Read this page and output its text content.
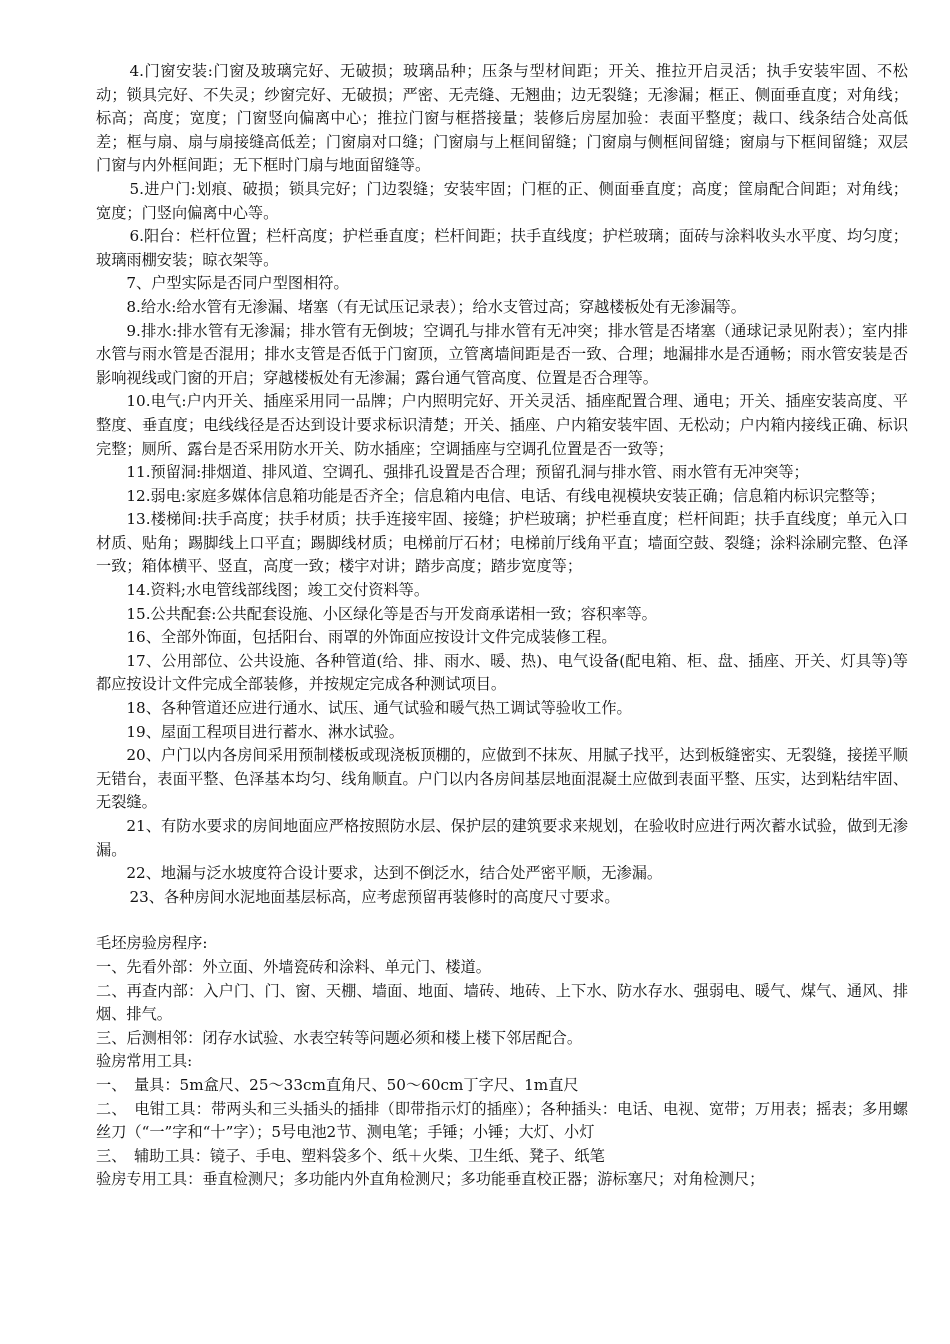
4.门窗安装:门窗及玻璃完好、无破损；玻璃品种；压条与型材间距；开关、推拉开启灵活；执手安装牢固、不松动；锁具完好、不失灵；纱窗完好、无破损；严密、无壳缝、无翘曲；边无裂缝；无渗漏；框正、侧面垂直度；对角线；标高；高度；宽度；门窗竖向偏离中心；推拉门窗与框搭接量；装修后房屋加验：表面平整度；裁口、线条结合处高低差；框与扇、扇与扇接缝高低差；门窗扇对口缝；门窗扇与上框间留缝；门窗扇与侧框间留缝；窗扇与下框间留缝；双层门窗与内外框间距；无下框时门扇与地面留缝等。

5.进户门:划痕、破损；锁具完好；门边裂缝；安装牢固；门框的正、侧面垂直度；高度；筐扇配合间距；对角线；宽度；门竖向偏离中心等。

6.阳台：栏杆位置；栏杆高度；护栏垂直度；栏杆间距；扶手直线度；护栏玻璃；面砖与涂料收头水平度、均匀度；玻璃雨棚安装；晾衣架等。

7、户型实际是否同户型图相符。

8.给水:给水管有无渗漏、堵塞（有无试压记录表）；给水支管过高；穿越楼板处有无渗漏等。

9.排水:排水管有无渗漏；排水管有无倒坡；空调孔与排水管有无冲突；排水管是否堵塞（通球记录见附表）；室内排水管与雨水管是否混用；排水支管是否低于门窗顶，立管离墙间距是否一致、合理；地漏排水是否通畅；雨水管安装是否影响视线或门窗的开启；穿越楼板处有无渗漏；露台通气管高度、位置是否合理等。

10.电气:户内开关、插座采用同一品牌；户内照明完好、开关灵活、插座配置合理、通电；开关、插座安装高度、平整度、垂直度；电线线径是否达到设计要求标识清楚；开关、插座、户内箱安装牢固、无松动；户内箱内接线正确、标识完整；厕所、露台是否采用防水开关、防水插座；空调插座与空调孔位置是否一致等；

11.预留洞:排烟道、排风道、空调孔、强排孔设置是否合理；预留孔洞与排水管、雨水管有无冲突等；

12.弱电:家庭多媒体信息箱功能是否齐全；信息箱内电信、电话、有线电视模块安装正确；信息箱内标识完整等；

13.楼梯间:扶手高度；扶手材质；扶手连接牢固、接缝；护栏玻璃；护栏垂直度；栏杆间距；扶手直线度；单元入口材质、贴角；踢脚线上口平直；踢脚线材质；电梯前厅石材；电梯前厅线角平直；墙面空鼓、裂缝；涂料涂刷完整、色泽一致；箱体横平、竖直，高度一致；楼宇对讲；踏步高度；踏步宽度等；

14.资料;水电管线部线图；竣工交付资料等。

15.公共配套:公共配套设施、小区绿化等是否与开发商承诺相一致；容积率等。

16、全部外饰面，包括阳台、雨罩的外饰面应按设计文件完成装修工程。

17、公用部位、公共设施、各种管道(给、排、雨水、暖、热)、电气设备(配电箱、柜、盘、插座、开关、灯具等)等都应按设计文件完成全部装修，并按规定完成各种测试项目。

18、各种管道还应进行通水、试压、通气试验和暖气热工调试等验收工作。

19、屋面工程项目进行蓄水、淋水试验。

20、户门以内各房间采用预制楼板或现浇板顶棚的，应做到不抹灰、用腻子找平，达到板缝密实、无裂缝，接搓平顺无错台，表面平整、色泽基本均匀、线角顺直。户门以内各房间基层地面混凝土应做到表面平整、压实，达到粘结牢固、无裂缝。

21、有防水要求的房间地面应严格按照防水层、保护层的建筑要求来规划，在验收时应进行两次蓄水试验，做到无渗漏。

22、地漏与泛水坡度符合设计要求，达到不倒泛水，结合处严密平顺，无渗漏。

23、各种房间水泥地面基层标高，应考虑预留再装修时的高度尺寸要求。

毛坯房验房程序:

一、先看外部：外立面、外墙瓷砖和涂料、单元门、楼道。

二、再查内部：入户门、门、窗、天棚、墙面、地面、墙砖、地砖、上下水、防水存水、强弱电、暖气、煤气、通风、排烟、排气。

三、后测相邻：闭存水试验、水表空转等问题必须和楼上楼下邻居配合。

验房常用工具:

一、　量具：5m盒尺、25～33cm直角尺、50～60cm丁字尺、1m直尺

二、　电钳工具：带两头和三头插头的插排（即带指示灯的插座）；各种插头：电话、电视、宽带；万用表；摇表；多用螺丝刀（“一”字和“十”字）；5号电池2节、测电笔；手锤；小锤；大灯、小灯

三、　辅助工具：镜子、手电、塑料袋多个、纸＋火柴、卫生纸、凳子、纸笔

验房专用工具：垂直检测尺；多功能内外直角检测尺；多功能垂直校正器；游标塞尺；对角检测尺；
